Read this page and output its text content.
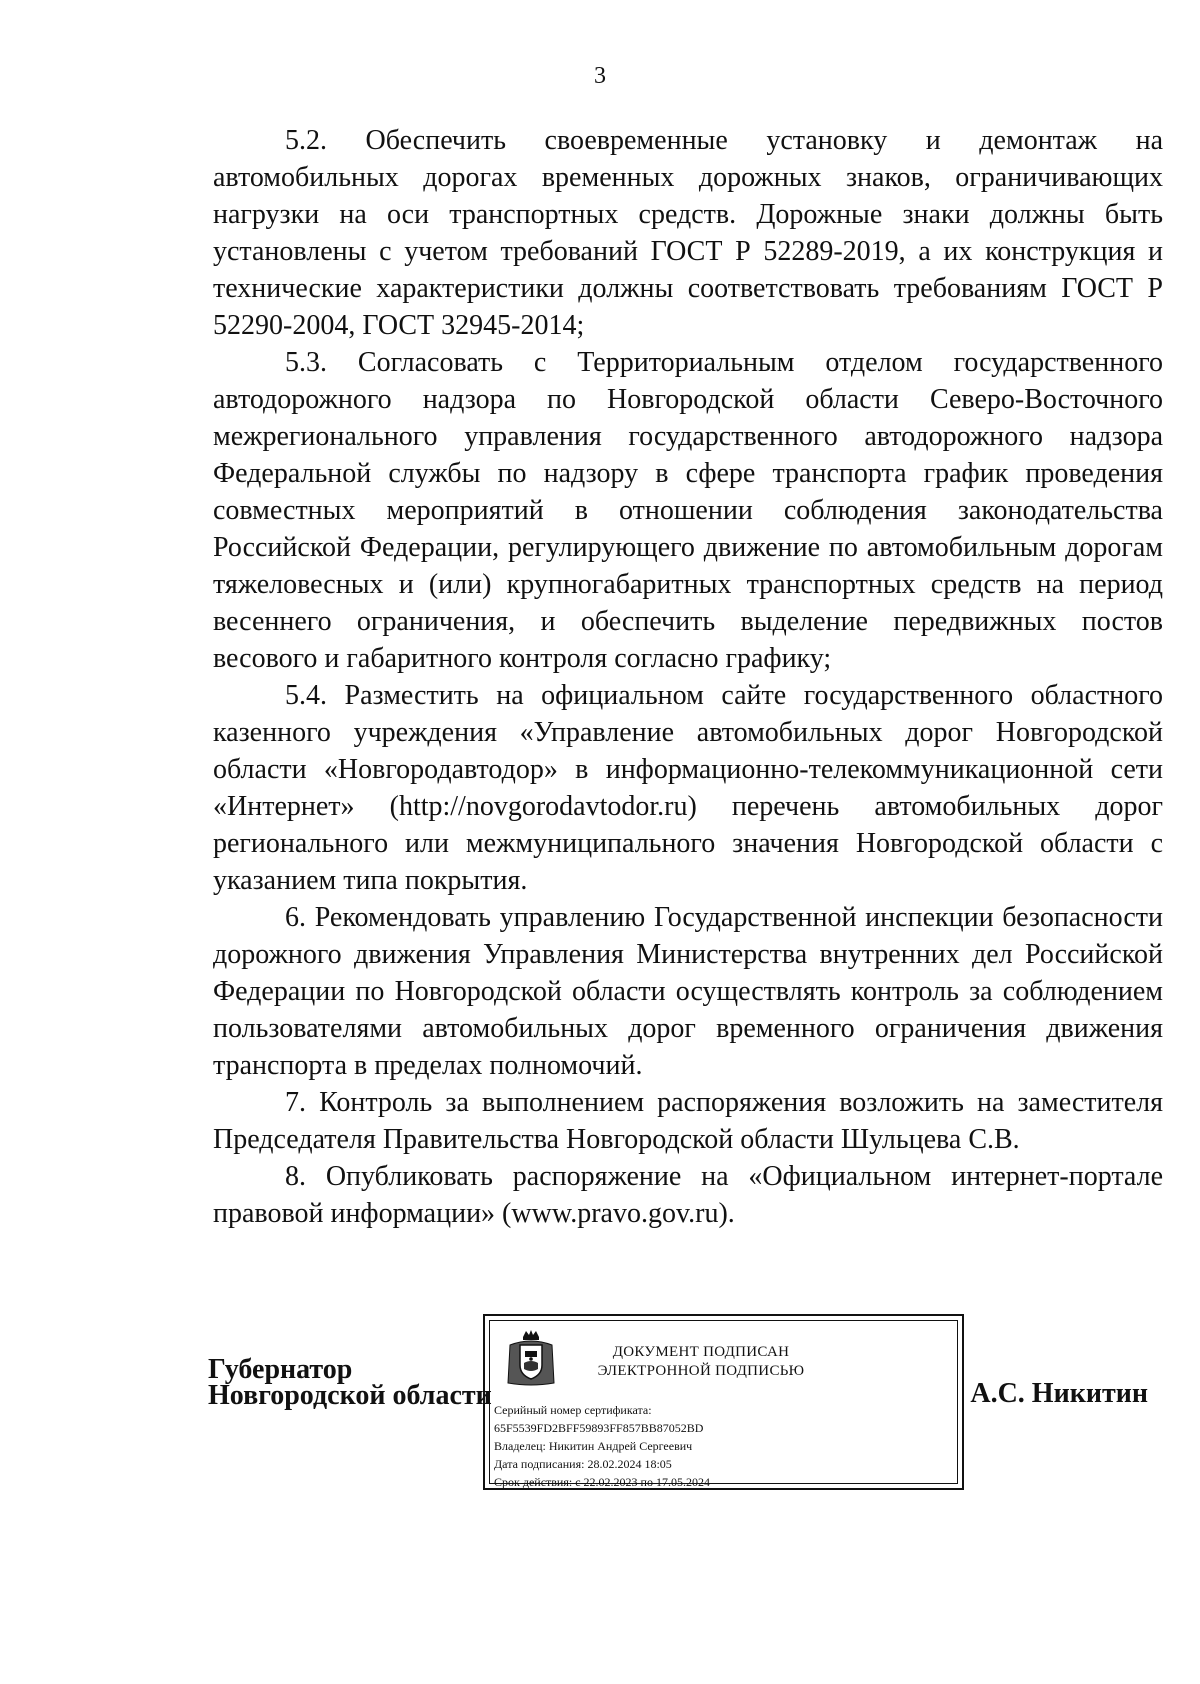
3

5.2. Обеспечить своевременные установку и демонтаж на автомобильных дорогах временных дорожных знаков, ограничивающих нагрузки на оси транспортных средств. Дорожные знаки должны быть установлены с учетом требований ГОСТ Р 52289-2019, а их конструкция и технические характеристики должны соответствовать требованиям ГОСТ Р 52290-2004, ГОСТ 32945-2014;

5.3. Согласовать с Территориальным отделом государственного автодорожного надзора по Новгородской области Северо-Восточного межрегионального управления государственного автодорожного надзора Федеральной службы по надзору в сфере транспорта график проведения совместных мероприятий в отношении соблюдения законодательства Российской Федерации, регулирующего движение по автомобильным дорогам тяжеловесных и (или) крупногабаритных транспортных средств на период весеннего ограничения, и обеспечить выделение передвижных постов весового и габаритного контроля согласно графику;

5.4. Разместить на официальном сайте государственного областного казенного учреждения «Управление автомобильных дорог Новгородской области «Новгородавтодор» в информационно-телекоммуникационной сети «Интернет» (http://novgorodavtodor.ru) перечень автомобильных дорог регионального или межмуниципального значения Новгородской области с указанием типа покрытия.

6. Рекомендовать управлению Государственной инспекции безопасности дорожного движения Управления Министерства внутренних дел Российской Федерации по Новгородской области осуществлять контроль за соблюдением пользователями автомобильных дорог временного ограничения движения транспорта в пределах полномочий.

7. Контроль за выполнением распоряжения возложить на заместителя Председателя Правительства Новгородской области Шульцева С.В.

8. Опубликовать распоряжение на «Официальном интернет-портале правовой информации» (www.pravo.gov.ru).

Губернатор
Новгородской области
ДОКУМЕНТ ПОДПИСАН
ЭЛЕКТРОННОЙ ПОДПИСЬЮ
Серийный номер сертификата:
65F5539FD2BFF59893FF857BB87052BD
Владелец: Никитин Андрей Сергеевич
Дата подписания: 28.02.2024 18:05
Срок действия: с 22.02.2023 по 17.05.2024
А.С. Никитин
